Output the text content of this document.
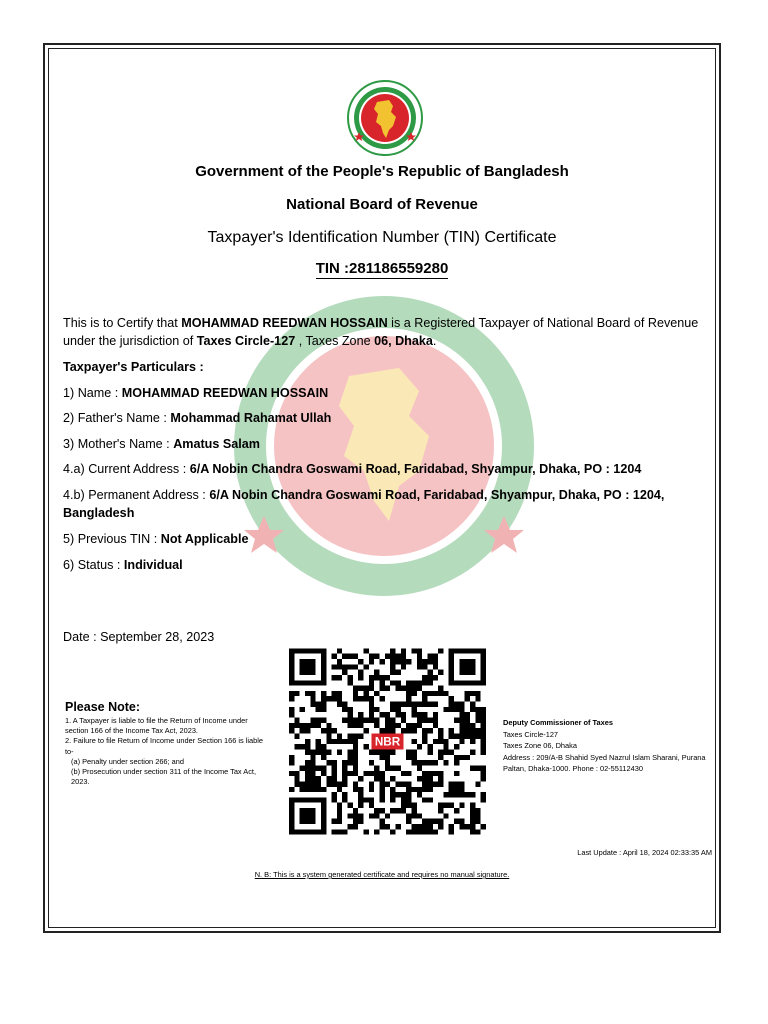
Government of the People's Republic of Bangladesh
National Board of Revenue
Taxpayer's Identification Number (TIN) Certificate
TIN :281186559280
This is to Certify that MOHAMMAD REEDWAN HOSSAIN is a Registered Taxpayer of National Board of Revenue under the jurisdiction of Taxes Circle-127 , Taxes Zone 06, Dhaka.
Taxpayer's Particulars :
1) Name : MOHAMMAD REEDWAN HOSSAIN
2) Father's Name : Mohammad Rahamat Ullah
3) Mother's Name : Amatus Salam
4.a) Current Address : 6/A Nobin Chandra Goswami Road, Faridabad, Shyampur, Dhaka, PO : 1204
4.b) Permanent Address : 6/A Nobin Chandra Goswami Road, Faridabad, Shyampur, Dhaka, PO : 1204, Bangladesh
5) Previous TIN : Not Applicable
6) Status : Individual
Date : September 28, 2023
NBR
Please Note:
1. A Taxpayer is liable to file the Return of Income under section 166 of the Income Tax Act, 2023.
2. Failure to file Return of Income under Section 166 is liable to-
(a) Penalty under section 266; and
(b) Prosecution under section 311 of the Income Tax Act, 2023.
Deputy Commissioner of Taxes
Taxes Circle-127
Taxes Zone 06, Dhaka
Address : 209/A-B Shahid Syed Nazrul Islam Sharani, Purana Paltan, Dhaka-1000. Phone : 02-55112430
Last Update : April 18, 2024 02:33:35 AM
N. B: This is a system generated certificate and requires no manual signature.
